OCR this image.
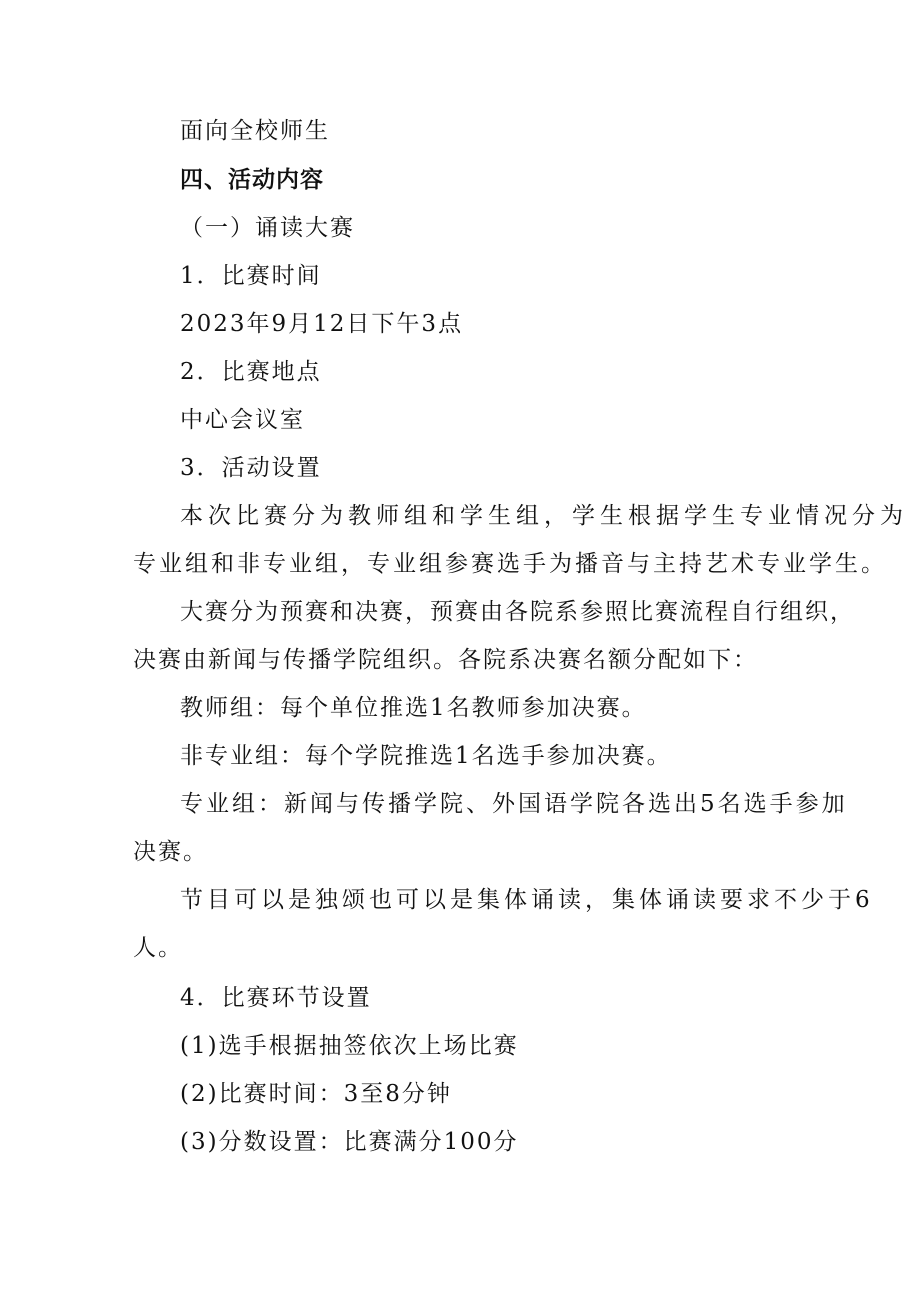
面向全校师生
四、活动内容
（一）诵读大赛
1．比赛时间
2023年9月12日下午3点
2．比赛地点
中心会议室
3．活动设置
本次比赛分为教师组和学生组，学生根据学生专业情况分为
专业组和非专业组，专业组参赛选手为播音与主持艺术专业学生。
大赛分为预赛和决赛，预赛由各院系参照比赛流程自行组织，
决赛由新闻与传播学院组织。各院系决赛名额分配如下：
教师组：每个单位推选1名教师参加决赛。
非专业组：每个学院推选1名选手参加决赛。
专业组：新闻与传播学院、外国语学院各选出5名选手参加
决赛。
节目可以是独颂也可以是集体诵读，集体诵读要求不少于6
人。
4．比赛环节设置
(1)选手根据抽签依次上场比赛
(2)比赛时间：3至8分钟
(3)分数设置：比赛满分100分
